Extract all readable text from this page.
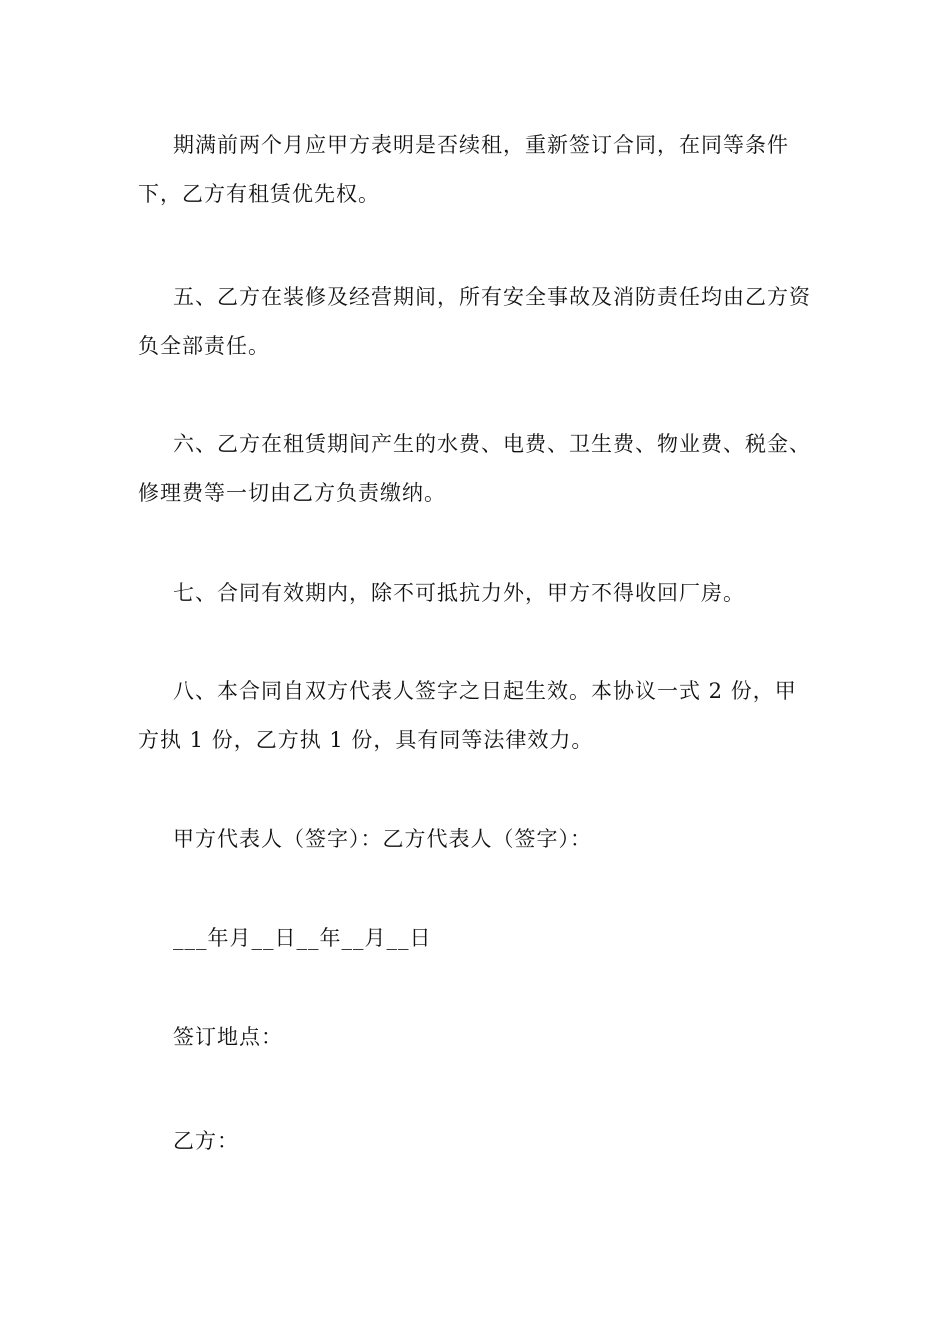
期满前两个月应甲方表明是否续租，重新签订合同，在同等条件下，乙方有租赁优先权。

五、乙方在装修及经营期间，所有安全事故及消防责任均由乙方资负全部责任。

六、乙方在租赁期间产生的水费、电费、卫生费、物业费、税金、修理费等一切由乙方负责缴纳。

七、合同有效期内，除不可抵抗力外，甲方不得收回厂房。

八、本合同自双方代表人签字之日起生效。本协议一式 2 份，甲方执 1 份，乙方执 1 份，具有同等法律效力。

甲方代表人（签字）：乙方代表人（签字）：

___年月__日__年__月__日

签订地点：

乙方：
